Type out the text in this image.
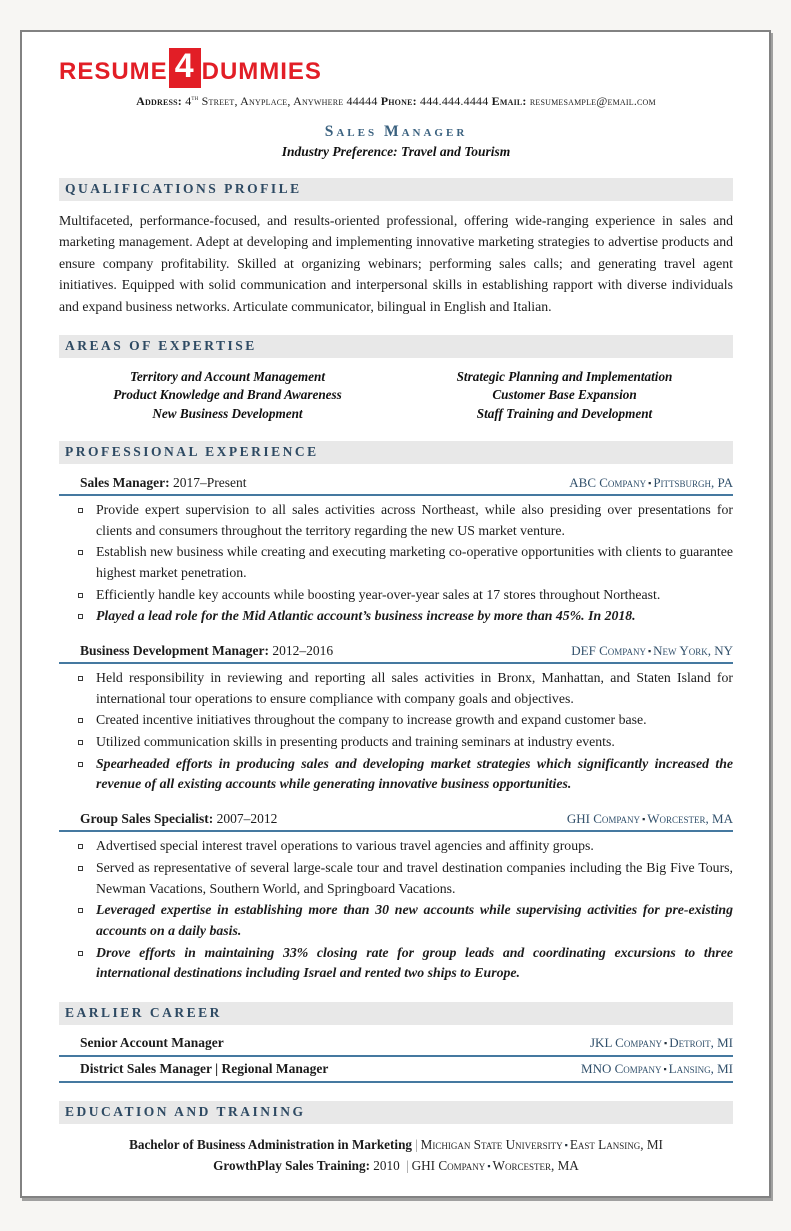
resume 4 dummies
Address: 4th Street, Anyplace, Anywhere 44444 Phone: 444.444.4444 Email: resumesample@email.com
Sales Manager
Industry Preference: Travel and Tourism
QUALIFICATIONS PROFILE

Multifaceted, performance-focused, and results-oriented professional, offering wide-ranging experience in sales and marketing management. Adept at developing and implementing innovative marketing strategies to advertise products and ensure company profitability. Skilled at organizing webinars; performing sales calls; and generating travel agent initiatives. Equipped with solid communication and interpersonal skills in establishing rapport with diverse individuals and expand business networks. Articulate communicator, bilingual in English and Italian.

AREAS OF EXPERTISE
Territory and Account Management
Product Knowledge and Brand Awareness
New Business Development
Strategic Planning and Implementation
Customer Base Expansion
Staff Training and Development
PROFESSIONAL EXPERIENCE
Sales Manager: 2017–Present	ABC Company ▪ Pittsburgh, PA
Provide expert supervision to all sales activities across Northeast, while also presiding over presentations for clients and consumers throughout the territory regarding the new US market venture.
Establish new business while creating and executing marketing co-operative opportunities with clients to guarantee highest market penetration.
Efficiently handle key accounts while boosting year-over-year sales at 17 stores throughout Northeast.
Played a lead role for the Mid Atlantic account’s business increase by more than 45%. In 2018.
Business Development Manager: 2012–2016	DEF Company ▪ New York, NY
Held responsibility in reviewing and reporting all sales activities in Bronx, Manhattan, and Staten Island for international tour operations to ensure compliance with company goals and objectives.
Created incentive initiatives throughout the company to increase growth and expand customer base.
Utilized communication skills in presenting products and training seminars at industry events.
Spearheaded efforts in producing sales and developing market strategies which significantly increased the revenue of all existing accounts while generating innovative business opportunities.
Group Sales Specialist: 2007–2012	GHI Company ▪ Worcester, MA
Advertised special interest travel operations to various travel agencies and affinity groups.
Served as representative of several large-scale tour and travel destination companies including the Big Five Tours, Newman Vacations, Southern World, and Springboard Vacations.
Leveraged expertise in establishing more than 30 new accounts while supervising activities for pre-existing accounts on a daily basis.
Drove efforts in maintaining 33% closing rate for group leads and coordinating excursions to three international destinations including Israel and rented two ships to Europe.
EARLIER CAREER
Senior Account Manager	JKL Company ▪ Detroit, MI
District Sales Manager | Regional Manager	MNO Company ▪ Lansing, MI
EDUCATION AND TRAINING
Bachelor of Business Administration in Marketing | Michigan State University ▪ East Lansing, MI
GrowthPlay Sales Training: 2010 | GHI Company ▪ Worcester, MA
